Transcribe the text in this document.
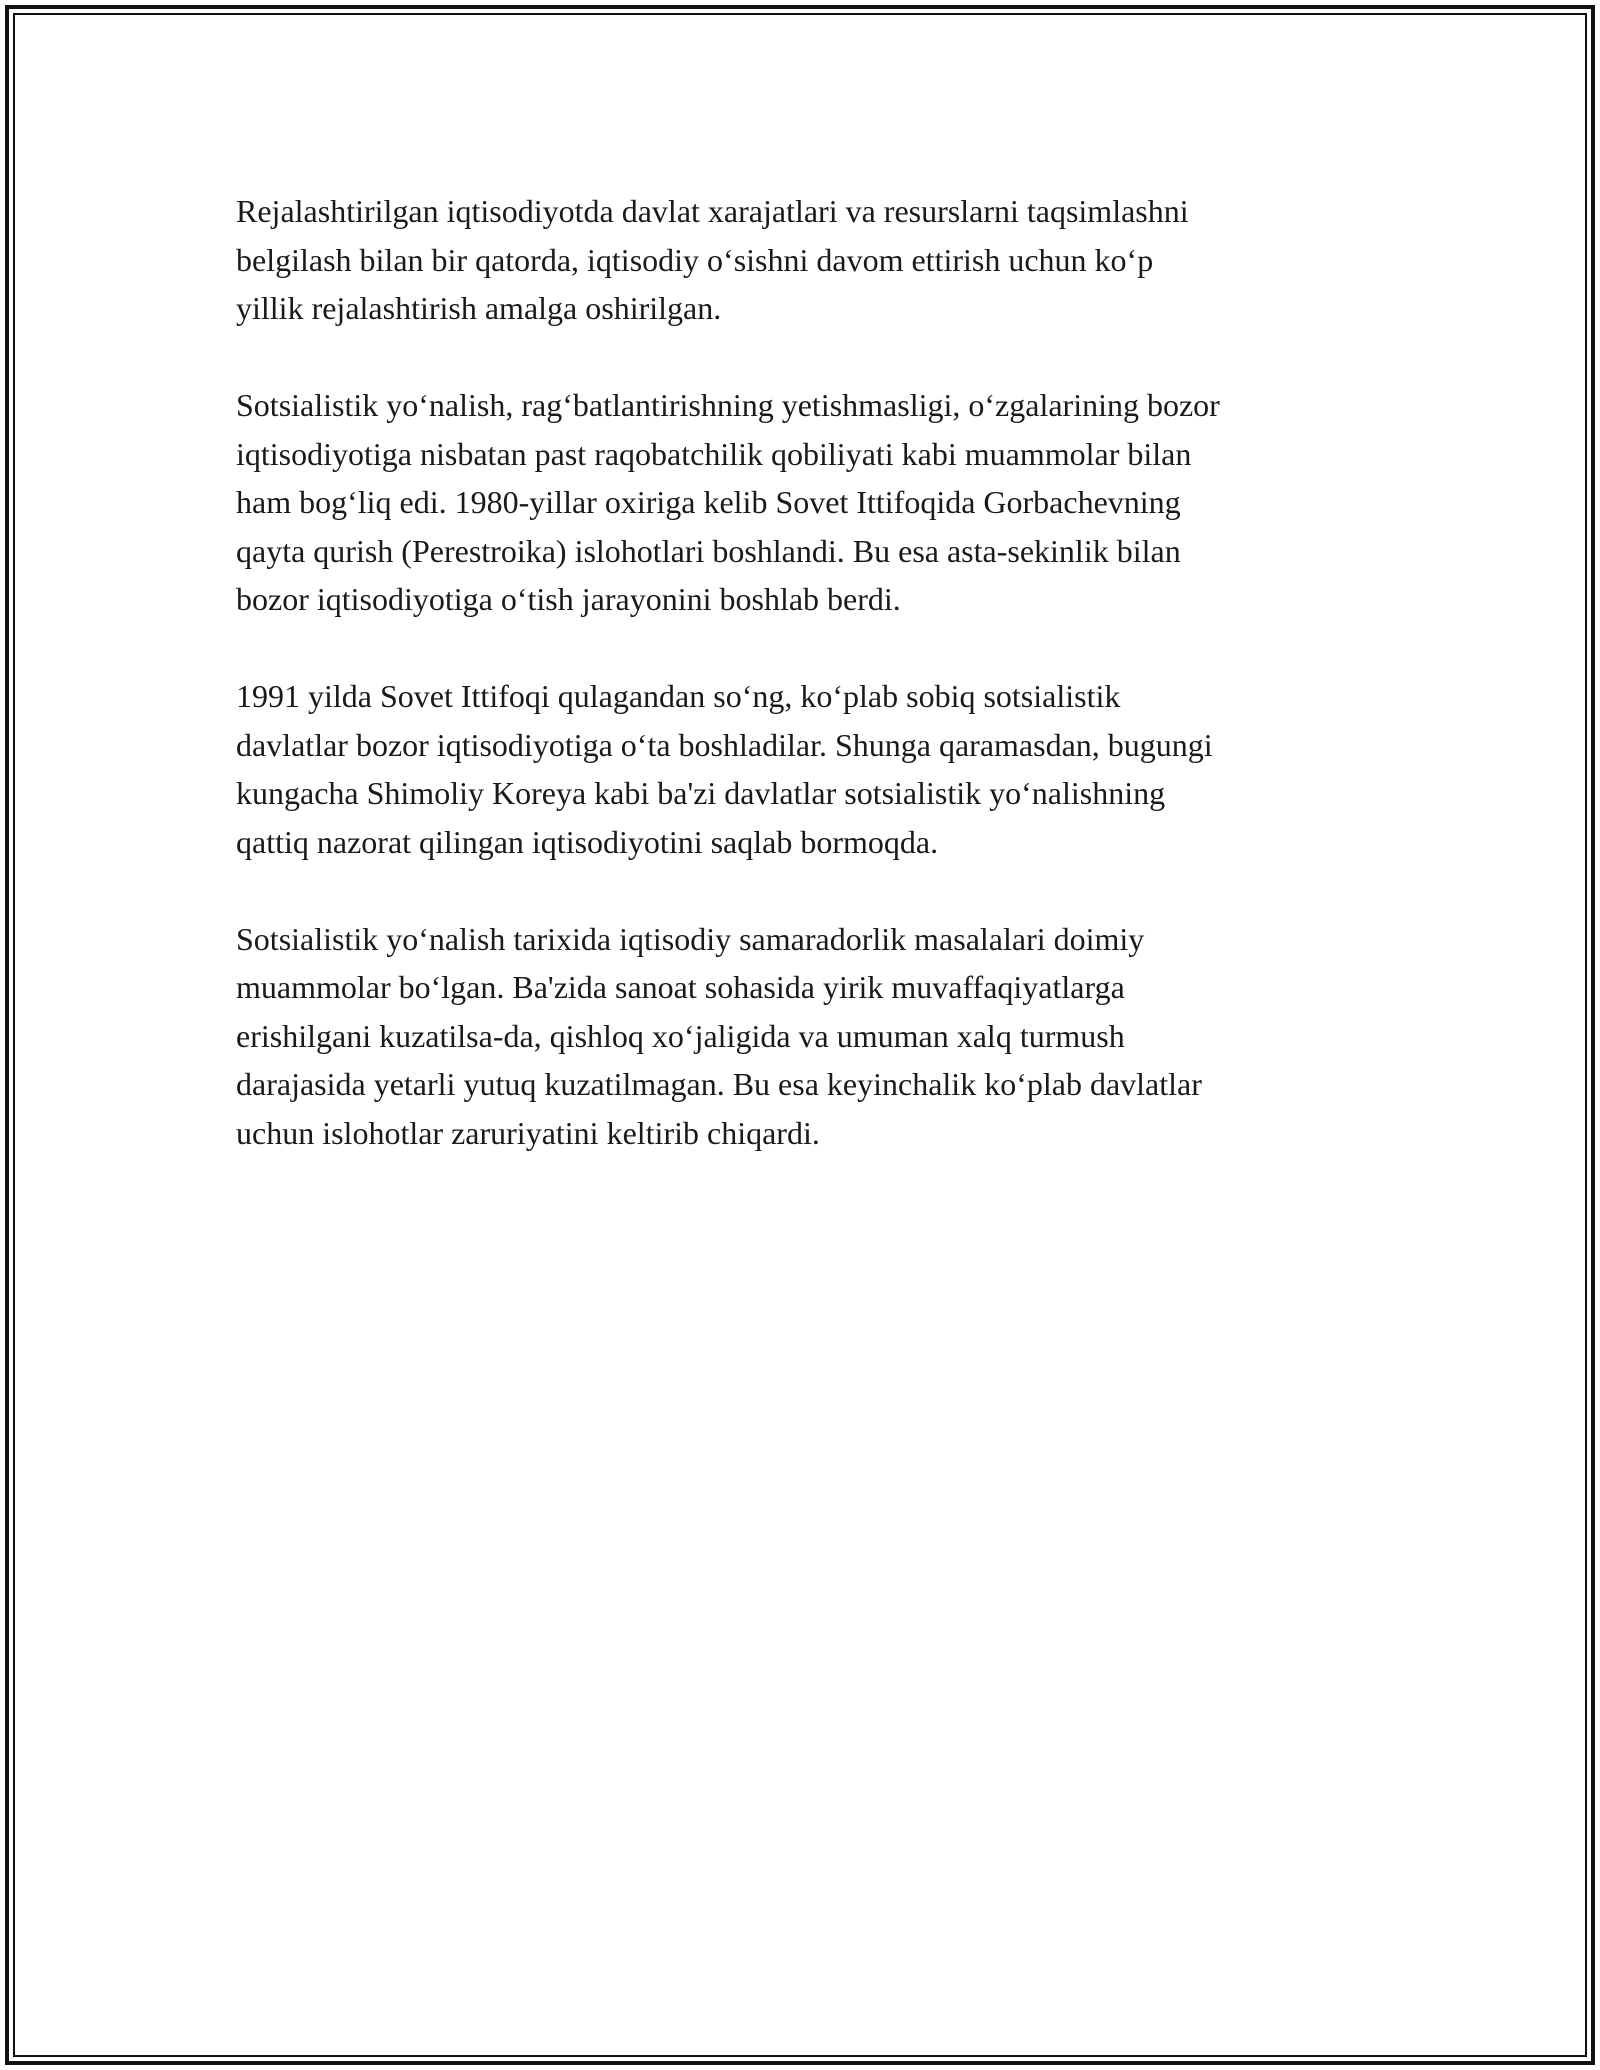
Rejalashtirilgan iqtisodiyotda davlat xarajatlari va resurslarni taqsimlashni
belgilash bilan bir qatorda, iqtisodiy oʻsishni davom ettirish uchun koʻp
yillik rejalashtirish amalga oshirilgan.

Sotsialistik yoʻnalish, ragʻbatlantirishning yetishmasligi, oʻzgalarining bozor
iqtisodiyotiga nisbatan past raqobatchilik qobiliyati kabi muammolar bilan
ham bogʻliq edi. 1980-yillar oxiriga kelib Sovet Ittifoqida Gorbachevning
qayta qurish (Perestroika) islohotlari boshlandi. Bu esa asta-sekinlik bilan
bozor iqtisodiyotiga oʻtish jarayonini boshlab berdi.

1991 yilda Sovet Ittifoqi qulagandan soʻng, koʻplab sobiq sotsialistik
davlatlar bozor iqtisodiyotiga oʻta boshladilar. Shunga qaramasdan, bugungi
kungacha Shimoliy Koreya kabi ba'zi davlatlar sotsialistik yoʻnalishning
qattiq nazorat qilingan iqtisodiyotini saqlab bormoqda.

Sotsialistik yoʻnalish tarixida iqtisodiy samaradorlik masalalari doimiy
muammolar boʻlgan. Ba'zida sanoat sohasida yirik muvaffaqiyatlarga
erishilgani kuzatilsa-da, qishloq xoʻjaligida va umuman xalq turmush
darajasida yetarli yutuq kuzatilmagan. Bu esa keyinchalik koʻplab davlatlar
uchun islohotlar zaruriyatini keltirib chiqardi.
